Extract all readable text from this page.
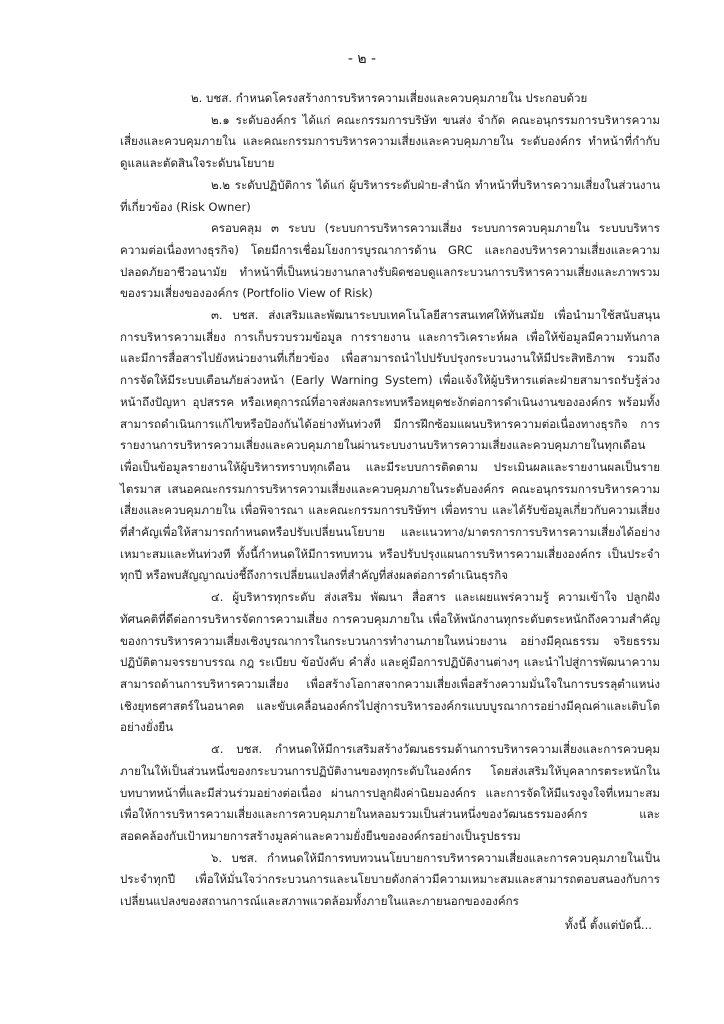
- ๒ -

๒. บชส. กำหนดโครงสร้างการบริหารความเสี่ยงและควบคุมภายใน ประกอบด้วย

๒.๑ ระดับองค์กร ได้แก่ คณะกรรมการบริษัท ขนส่ง จำกัด คณะอนุกรรมการบริหารความเสี่ยงและควบคุมภายใน และคณะกรรมการบริหารความเสี่ยงและควบคุมภายใน ระดับองค์กร ทำหน้าที่กำกับดูแลและตัดสินใจระดับนโยบาย

๒.๒ ระดับปฏิบัติการ ได้แก่ ผู้บริหารระดับฝ่าย-สำนัก ทำหน้าที่บริหารความเสี่ยงในส่วนงานที่เกี่ยวข้อง (Risk Owner)

ครอบคลุม ๓ ระบบ (ระบบการบริหารความเสี่ยง ระบบการควบคุมภายใน ระบบบริหารความต่อเนื่องทางธุรกิจ) โดยมีการเชื่อมโยงการบูรณาการด้าน GRC และกองบริหารความเสี่ยงและความปลอดภัยอาชีวอนามัย ทำหน้าที่เป็นหน่วยงานกลางรับผิดชอบดูแลกระบวนการบริหารความเสี่ยงและภาพรวมของรวมเสี่ยงขององค์กร (Portfolio View of Risk)

๓. บชส. ส่งเสริมและพัฒนาระบบเทคโนโลยีสารสนเทศให้ทันสมัย เพื่อนำมาใช้สนับสนุนการบริหารความเสี่ยง การเก็บรวบรวมข้อมูล การรายงาน และการวิเคราะห์ผล เพื่อให้ข้อมูลมีความทันกาล และมีการสื่อสารไปยังหน่วยงานที่เกี่ยวข้อง เพื่อสามารถนำไปปรับปรุงกระบวนงานให้มีประสิทธิภาพ รวมถึงการจัดให้มีระบบเตือนภัยล่วงหน้า (Early Warning System) เพื่อแจ้งให้ผู้บริหารแต่ละฝ่ายสามารถรับรู้ล่วงหน้าถึงปัญหา อุปสรรค หรือเหตุการณ์ที่อาจส่งผลกระทบหรือหยุดชะงักต่อการดำเนินงานขององค์กร พร้อมทั้งสามารถดำเนินการแก้ไขหรือป้องกันได้อย่างทันท่วงที มีการฝึกซ้อมแผนบริหารความต่อเนื่องทางธุรกิจ การรายงานการบริหารความเสี่ยงและควบคุมภายในผ่านระบบงานบริหารความเสี่ยงและควบคุมภายในทุกเดือน เพื่อเป็นข้อมูลรายงานให้ผู้บริหารทราบทุกเดือน และมีระบบการติดตาม ประเมินผลและรายงานผลเป็นรายไตรมาส เสนอคณะกรรมการบริหารความเสี่ยงและควบคุมภายในระดับองค์กร คณะอนุกรรมการบริหารความเสี่ยงและควบคุมภายใน เพื่อพิจารณา และคณะกรรมการบริษัทฯ เพื่อทราบ และได้รับข้อมูลเกี่ยวกับความเสี่ยงที่สำคัญเพื่อให้สามารถกำหนดหรือปรับเปลี่ยนนโยบาย และแนวทาง/มาตรการการบริหารความเสี่ยงได้อย่างเหมาะสมและทันท่วงที ทั้งนี้กำหนดให้มีการทบทวน หรือปรับปรุงแผนการบริหารความเสี่ยงองค์กร เป็นประจำทุกปี หรือพบสัญญาณบ่งชี้ถึงการเปลี่ยนแปลงที่สำคัญที่ส่งผลต่อการดำเนินธุรกิจ

๔. ผู้บริหารทุกระดับ ส่งเสริม พัฒนา สื่อสาร และเผยแพร่ความรู้ ความเข้าใจ ปลูกฝังทัศนคติที่ดีต่อการบริหารจัดการความเสี่ยง การควบคุมภายใน เพื่อให้พนักงานทุกระดับตระหนักถึงความสำคัญของการบริหารความเสี่ยงเชิงบูรณาการในกระบวนการทำงานภายในหน่วยงาน อย่างมีคุณธรรม จริยธรรม ปฏิบัติตามจรรยาบรรณ กฎ ระเบียบ ข้อบังคับ คำสั่ง และคู่มือการปฏิบัติงานต่างๆ และนำไปสู่การพัฒนาความสามารถด้านการบริหารความเสี่ยง เพื่อสร้างโอกาสจากความเสี่ยงเพื่อสร้างความมั่นใจในการบรรลุตำแหน่งเชิงยุทธศาสตร์ในอนาคต และขับเคลื่อนองค์กรไปสู่การบริหารองค์กรแบบบูรณาการอย่างมีคุณค่าและเติบโตอย่างยั่งยืน

๕. บชส. กำหนดให้มีการเสริมสร้างวัฒนธรรมด้านการบริหารความเสี่ยงและการควบคุมภายในให้เป็นส่วนหนึ่งของกระบวนการปฏิบัติงานของทุกระดับในองค์กร โดยส่งเสริมให้บุคลากรตระหนักในบทบาทหน้าที่และมีส่วนร่วมอย่างต่อเนื่อง ผ่านการปลูกฝังค่านิยมองค์กร และการจัดให้มีแรงจูงใจที่เหมาะสม เพื่อให้การบริหารความเสี่ยงและการควบคุมภายในหลอมรวมเป็นส่วนหนึ่งของวัฒนธรรมองค์กร และสอดคล้องกับเป้าหมายการสร้างมูลค่าและความยั่งยืนขององค์กรอย่างเป็นรูปธรรม

๖. บชส. กำหนดให้มีการทบทวนนโยบายการบริหารความเสี่ยงและการควบคุมภายในเป็นประจำทุกปี เพื่อให้มั่นใจว่ากระบวนการและนโยบายดังกล่าวมีความเหมาะสมและสามารถตอบสนองกับการเปลี่ยนแปลงของสถานการณ์และสภาพแวดล้อมทั้งภายในและภายนอกขององค์กร

ทั้งนี้ ตั้งแต่บัดนี้...
